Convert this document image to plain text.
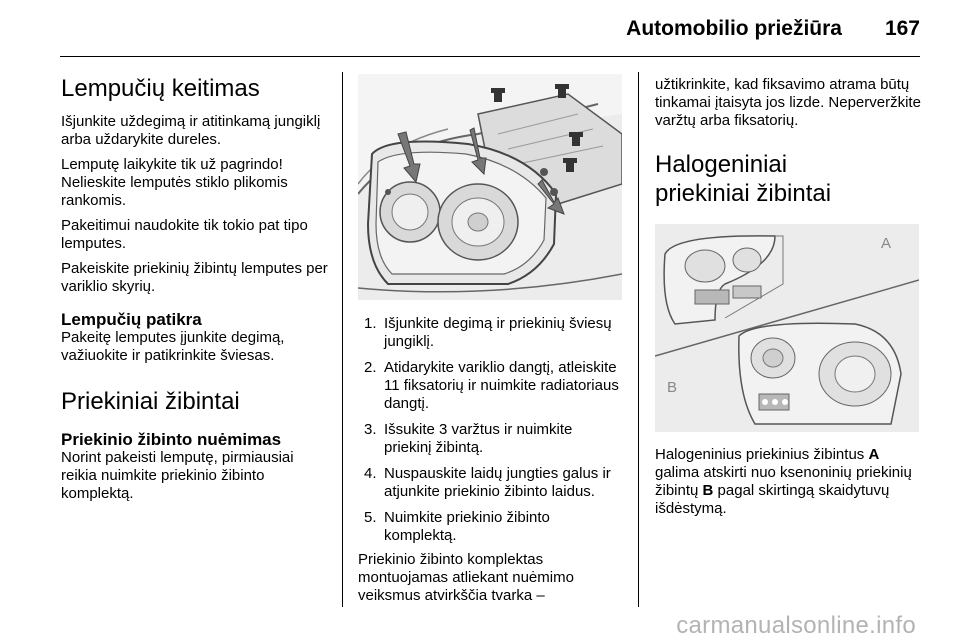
Automobilio priežiūra 167
Lempučių keitimas

Išjunkite uždegimą ir atitinkamą jungiklį arba uždarykite dureles.

Lemputę laikykite tik už pagrindo! Nelieskite lemputės stiklo plikomis rankomis.

Pakeitimui naudokite tik tokio pat tipo lemputes.

Pakeiskite priekinių žibintų lemputes per variklio skyrių.

Lempučių patikra

Pakeitę lemputes įjunkite degimą, važiuokite ir patikrinkite šviesas.

Priekiniai žibintai
Priekinio žibinto nuėmimas

Norint pakeisti lemputę, pirmiausiai reikia nuimkite priekinio žibinto komplektą.

1. Išjunkite degimą ir priekinių šviesų jungiklį.
2. Atidarykite variklio dangtį, atleiskite 11 fiksatorių ir nuimkite radiatoriaus dangtį.
3. Išsukite 3 varžtus ir nuimkite priekinį žibintą.
4. Nuspauskite laidų jungties galus ir atjunkite priekinio žibinto laidus.
5. Nuimkite priekinio žibinto komplektą.

Priekinio žibinto komplektas montuojamas atliekant nuėmimo veiksmus atvirkščia tvarka –

užtikrinkite, kad fiksavimo atrama būtų tinkamai įtaisyta jos lizde. Neperveržkite varžtų arba fiksatorių.

Halogeniniai priekiniai žibintai
A
B

Halogeninius priekinius žibintus A galima atskirti nuo ksenoninių priekinių žibintų B pagal skirtingą skaidytuvų išdėstymą.

carmanualsonline.info
